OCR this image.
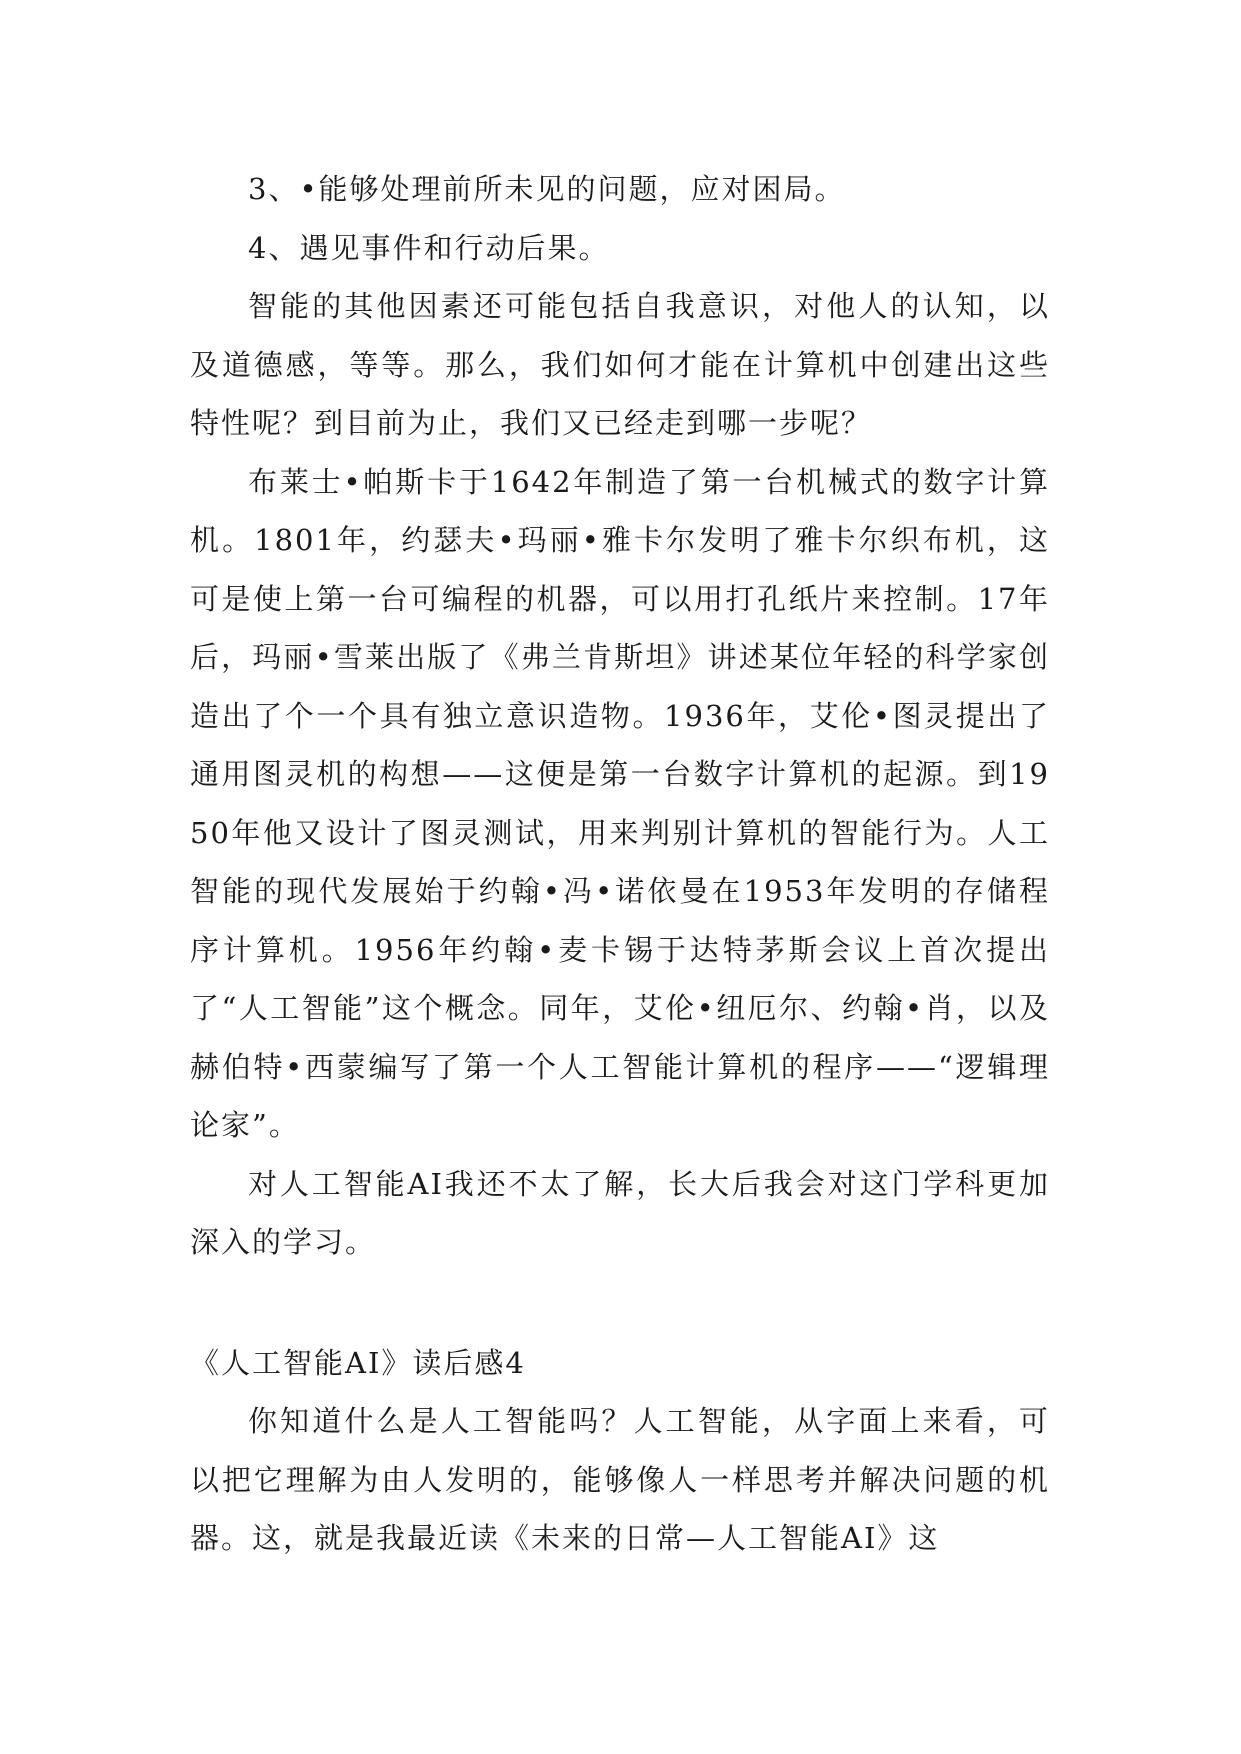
3、•能够处理前所未见的问题，应对困局。

4、遇见事件和行动后果。

智能的其他因素还可能包括自我意识，对他人的认知，以及道德感，等等。那么，我们如何才能在计算机中创建出这些特性呢？到目前为止，我们又已经走到哪一步呢？

布莱士•帕斯卡于1642年制造了第一台机械式的数字计算机。1801年，约瑟夫•玛丽•雅卡尔发明了雅卡尔织布机，这可是使上第一台可编程的机器，可以用打孔纸片来控制。17年后，玛丽•雪莱出版了《弗兰肯斯坦》讲述某位年轻的科学家创造出了个一个具有独立意识造物。1936年，艾伦•图灵提出了通用图灵机的构想——这便是第一台数字计算机的起源。到1950年他又设计了图灵测试，用来判别计算机的智能行为。人工智能的现代发展始于约翰•冯•诺依曼在1953年发明的存储程序计算机。1956年约翰•麦卡锡于达特茅斯会议上首次提出了“人工智能”这个概念。同年，艾伦•纽厄尔、约翰•肖，以及赫伯特•西蒙编写了第一个人工智能计算机的程序——“逻辑理论家”。

对人工智能AI我还不太了解，长大后我会对这门学科更加深入的学习。

《人工智能AI》读后感4

你知道什么是人工智能吗？人工智能，从字面上来看，可以把它理解为由人发明的，能够像人一样思考并解决问题的机器。这，就是我最近读《未来的日常—人工智能AI》这
